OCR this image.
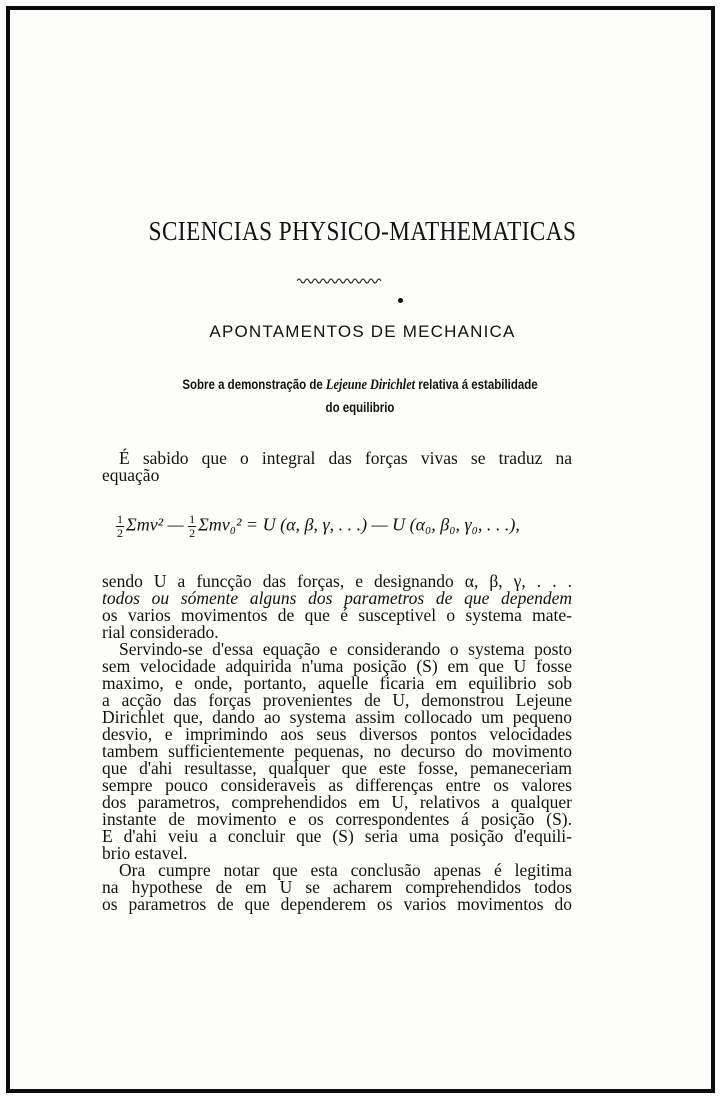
SCIENCIAS PHYSICO-MATHEMATICAS
APONTAMENTOS DE MECHANICA
Sobre a demonstração de Lejeune Dirichlet relativa á estabilidade
do equilibrio
É sabido que o integral das forças vivas se traduz na
equação
$\frac{1}{2} \Sigma mv^2$ — $\frac{1}{2} \Sigma mv_0^2 = U$ (α, β, γ, . . .) — U (α₀, β₀, γ₀, . . .),
sendo U a funcção das forças, e designando α, β, γ, . . .
todos ou sómente alguns dos parametros de que dependem
os varios movimentos de que é susceptivel o systema mate-
rial considerado.
Servindo-se d'essa equação e considerando o systema posto
sem velocidade adquirida n'uma posição (S) em que U fosse
maximo, e onde, portanto, aquelle ficaria em equilibrio sob
a acção das forças provenientes de U, demonstrou Lejeune
Dirichlet que, dando ao systema assim collocado um pequeno
desvio, e imprimindo aos seus diversos pontos velocidades
tambem sufficientemente pequenas, no decurso do movimento
que d'ahi resultasse, qualquer que este fosse, pemaneceriam
sempre pouco consideraveis as differenças entre os valores
dos parametros, comprehendidos em U, relativos a qualquer
instante de movimento e os correspondentes á posição (S).
E d'ahi veiu a concluir que (S) seria uma posição d'equili-
brio estavel.
Ora cumpre notar que esta conclusão apenas é legitima
na hypothese de em U se acharem comprehendidos todos
os parametros de que dependerem os varios movimentos do
